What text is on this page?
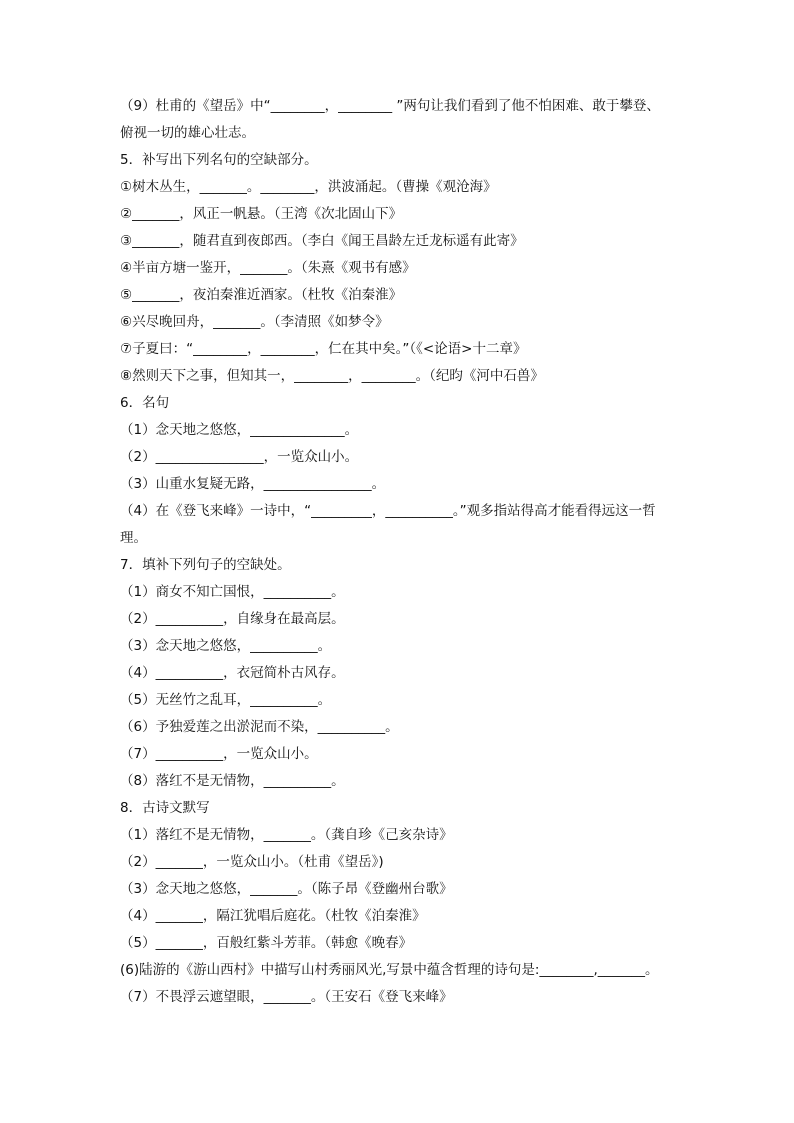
（9）杜甫的《望岳》中“________，________ ”两句让我们看到了他不怕困难、敢于攀登、
俯视一切的雄心壮志。
5．补写出下列名句的空缺部分。
①树木丛生，_______。________，洪波涌起。（曹操《观沧海》
②_______，风正一帆悬。（王湾《次北固山下》
③_______，随君直到夜郎西。（李白《闻王昌龄左迁龙标遥有此寄》
④半亩方塘一鉴开，_______。（朱熹《观书有感》
⑤_______，夜泊秦淮近酒家。（杜牧《泊秦淮》
⑥兴尽晚回舟，_______。（李清照《如梦令》
⑦子夏曰：“________，________，仁在其中矣。”（《<论语>十二章》
⑧然则天下之事，但知其一，________，________。（纪昀《河中石兽》
6．名句
（1）念天地之悠悠，______________。
（2）________________，一览众山小。
（3）山重水复疑无路，________________。
（4）在《登飞来峰》一诗中，“_________，__________。”观多指站得高才能看得远这一哲
理。
7．填补下列句子的空缺处。
（1）商女不知亡国恨，__________。
（2）__________，自缘身在最高层。
（3）念天地之悠悠，__________。
（4）__________，衣冠简朴古风存。
（5）无丝竹之乱耳，__________。
（6）予独爱莲之出淤泥而不染，__________。
（7）__________，一览众山小。
（8）落红不是无情物，__________。
8．古诗文默写
（1）落红不是无情物，_______。（龚自珍《己亥杂诗》
（2）_______，一览众山小。（杜甫《望岳》)
（3）念天地之悠悠，_______。（陈子昂《登幽州台歌》
（4）_______，隔江犹唱后庭花。（杜牧《泊秦淮》
（5）_______，百般红紫斗芳菲。（韩愈《晚春》
(6)陆游的《游山西村》中描写山村秀丽风光,写景中蕴含哲理的诗句是:________,_______。
（7）不畏浮云遮望眼，_______。（王安石《登飞来峰》
